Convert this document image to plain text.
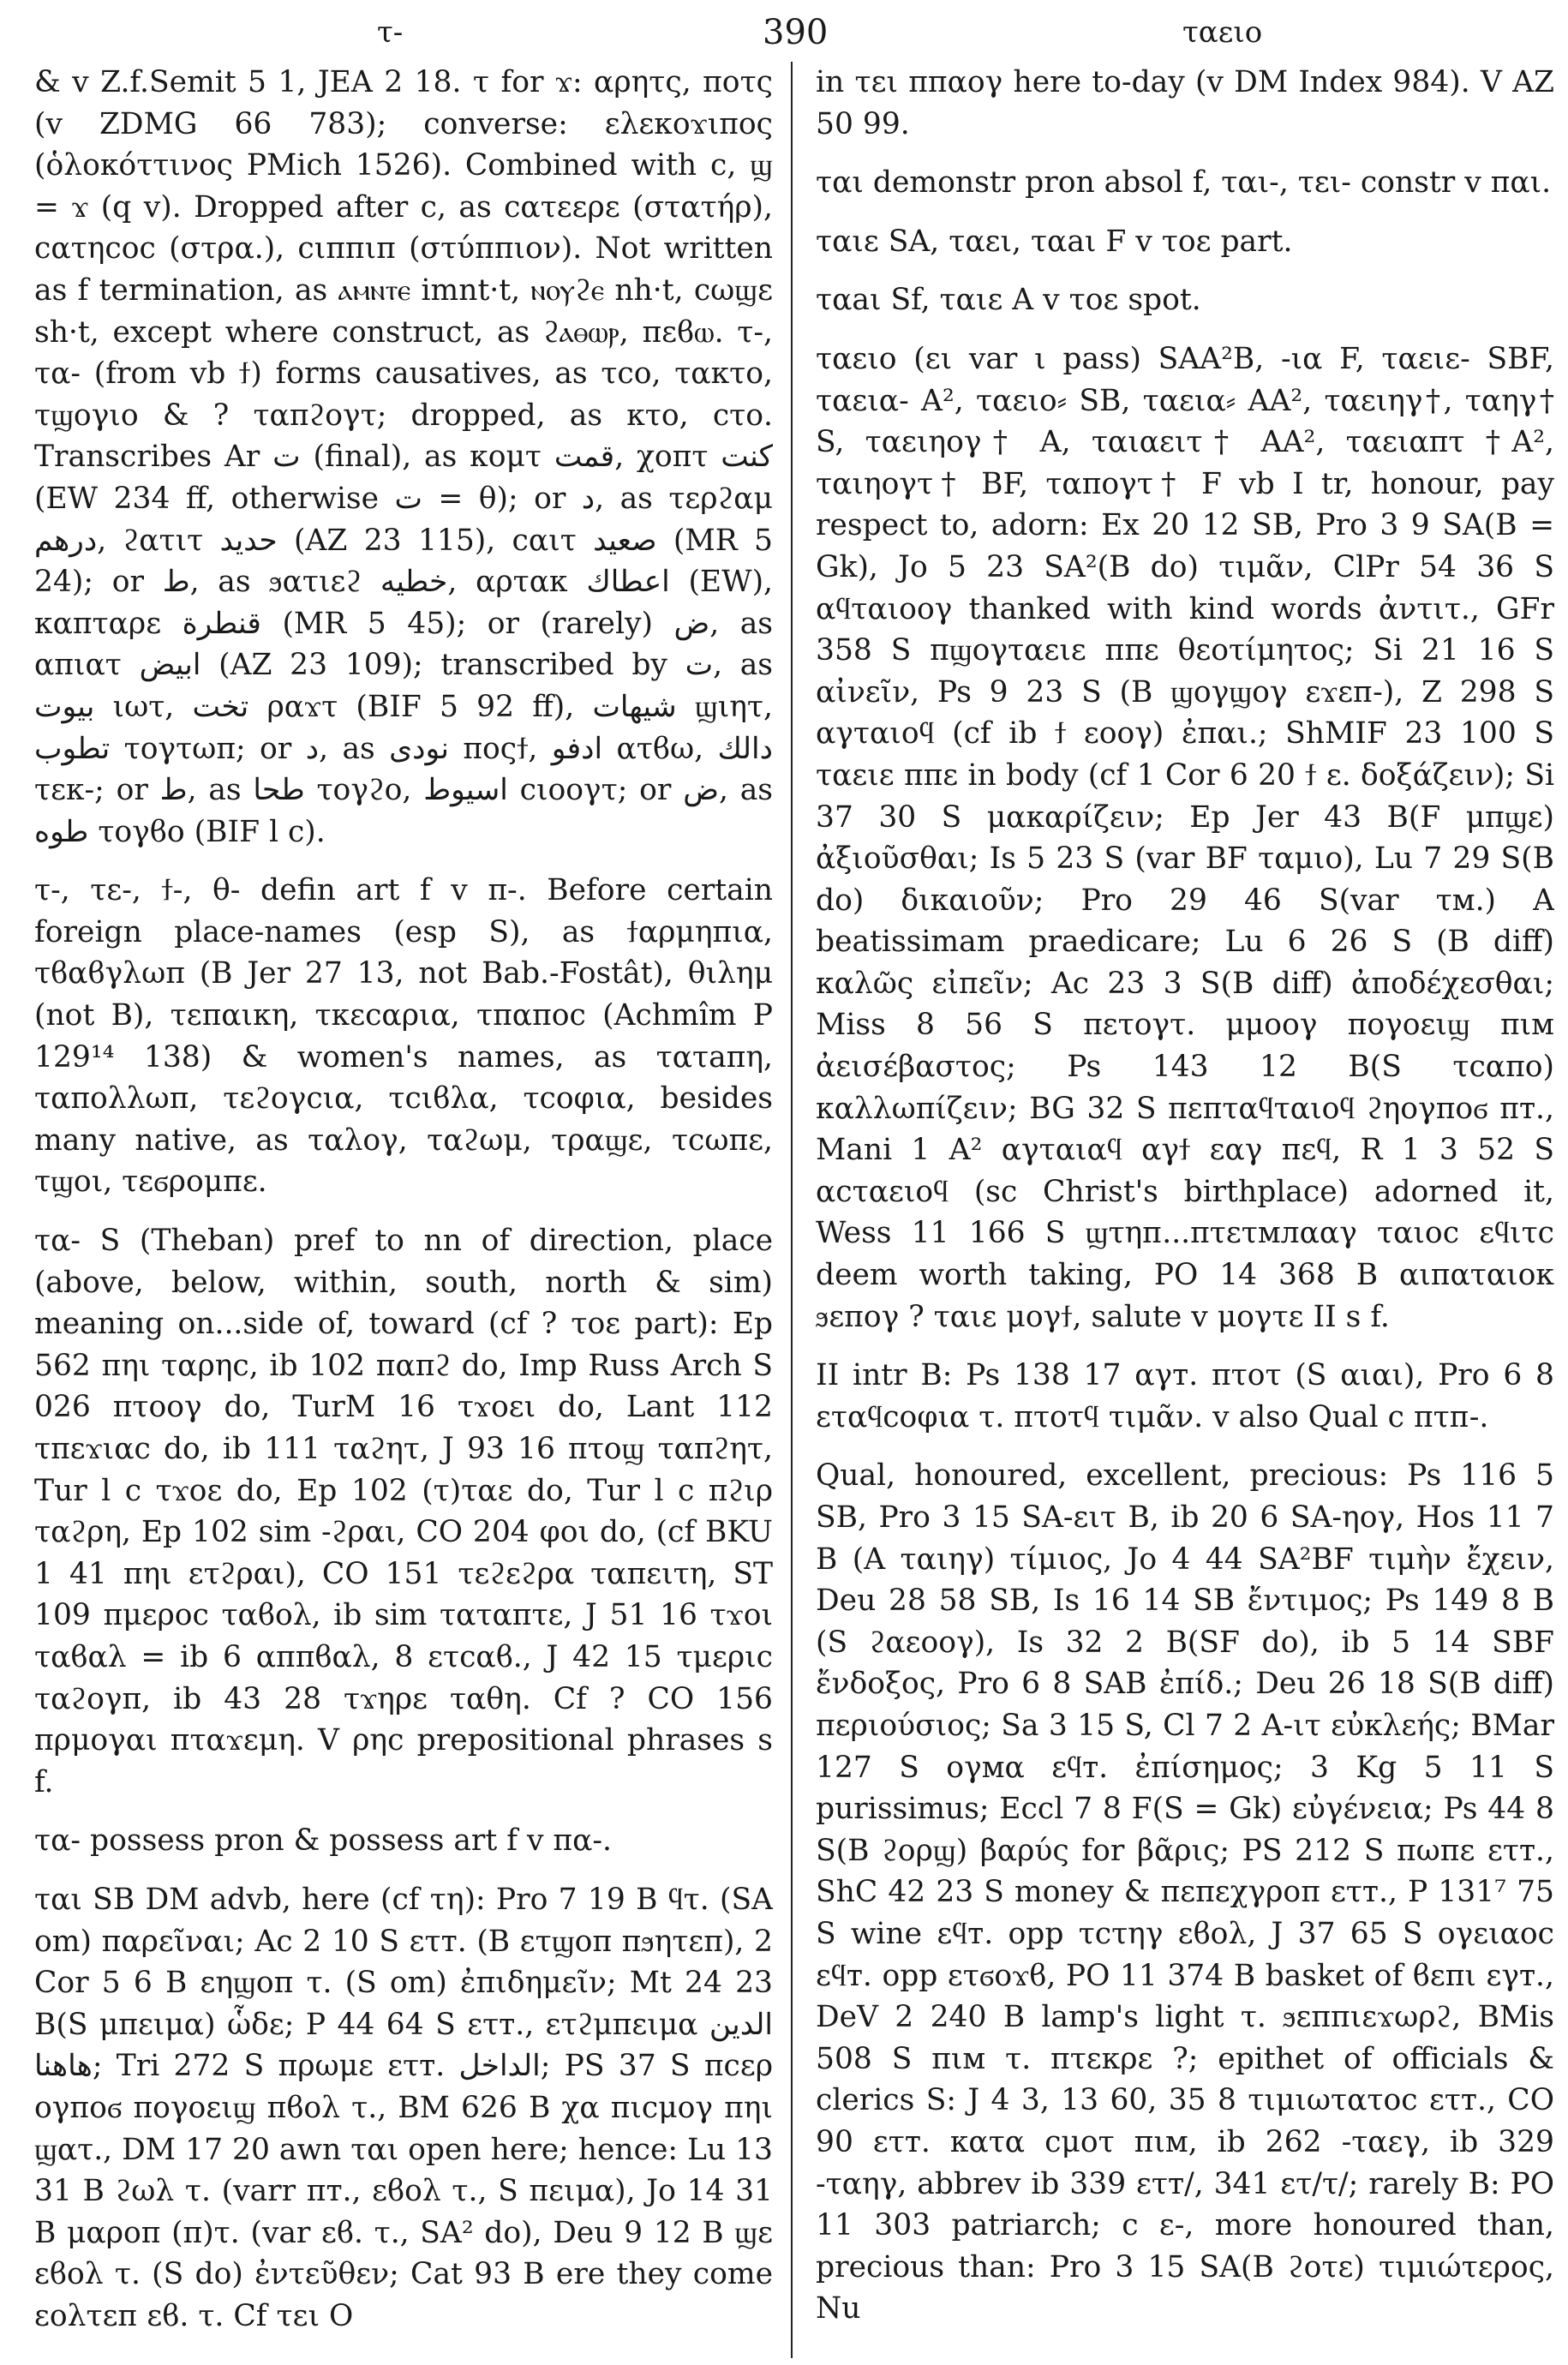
τ-	390	ταειο

& v Z.f.Semit 5 1, JEA 2 18. τ for ϫ: αρητς, ποτς (v ZDMG 66 783); converse: ελεκοϫιπος (ὁλοκόττινος PMich 1526). Combined with c, ϣ = ϫ (q v). Dropped after c, as cατεερε (στατήρ), cατηcοc (στρα.), cιππιπ (στύππιον). Not written as f termination, as ⲁⲙⲛⲧⲉ imnt·t, ⲛⲟⲩϩⲉ nh·t, cωϣε sh·t, except where construct, as ϩⲁⲑⲱⲣ, πεϐⲱ. τ-, τα- (from vb ϯ) forms causatives, as τcο, τακτο, τϣογιο & ? ταπϩογτ; dropped, as κτο, cτο. Transcribes Ar ت (final), as κομτ قمت, χοπτ كنت (EW 234 ff, otherwise ت = θ); or د, as τερϩαμ درهم, ϩατιτ حديد (AZ 23 115), cαιτ صعيد (MR 5 24); or ط, as ϧατιεϩ خطيه, αρτακ اعطاك (EW), καπταρε قنطرة (MR 5 45); or (rarely) ض, as απιατ ابيض (AZ 23 109); transcribed by ت, as بيوت ιωτ, تخت ραϫτ (BIF 5 92 ff), شيهات ϣιητ, تطوب τογτωπ; or د, as نودى ποςϯ, ادفو ατϐω, دالك τεκ-; or ط, as طحا τογϩο, اسيوط cιοογτ; or ض, as طوه τογϐο (BIF l c).

τ-, τε-, ϯ-, θ- defin art f v π-. Before certain foreign place-names (esp S), as ϯαρμηπια, τϐαϐγλωπ (B Jer 27 13, not Bab.-Fostât), θιλημ (not B), τεπαικη, τκεcαρια, τπαποc (Achmîm P 129¹⁴ 138) & women's names, as τατаπη, ταπολλωπ, τεϩογcια, τcιϐλα, τcοφια, besides many native, as ταλογ, ταϩωμ, τραϣε, τcωπε, τϣοι, τεϭρομπε.

τα- S (Theban) pref to nn of direction, place (above, below, within, south, north & sim) meaning on...side of, toward (cf ? τοε part): Ep 562 πηι ταρηc, ib 102 παπϩ do, Imp Russ Arch S 026 πτοογ do, TurM 16 τϫοει do, Lant 112 τπεϫιαc do, ib 111 ταϩητ, J 93 16 πτοϣ ταπϩητ, Tur l c τϫοε do, Ep 102 (τ)ταε do, Tur l c πϩιρ ταϩρη, Ep 102 sim -ϩραι, CO 204 φοι do, (cf BKU 1 41 πηι ετϩραι), CO 151 τεϩεϩρα ταπειτη, ST 109 πμεροc ταϐολ, ib sim ταταπτε, J 51 16 τϫοι ταϐαλ = ib 6 αππϐαλ, 8 ετcαϐ., J 42 15 τμεριc ταϩογπ, ib 43 28 τϫηρε ταθη. Cf ? CO 156 πρμογαι πταϫεμη. V ρηc prepositional phrases s f.

τα- possess pron & possess art f v πα-.

ται SB DM advb, here (cf τη): Pro 7 19 B ϥτ. (SA om) παρεῖναι; Ac 2 10 S ετт. (B ετϣοπ πϧητεπ), 2 Cor 5 6 B εηϣοπ τ. (S om) ἐπιδημεῖν; Mt 24 23 B(S μπειμα) ὧδε; P 44 64 S ετт., ετϩμπειμα الدين هاهنا; Tri 272 S πρωμε ετт. الداخل; PS 37 S πcερ ογποϭ πογοειϣ πϐολ τ., BM 626 B χα πιcμογ πηι ϣατ., DM 17 20 awn ται open here; hence: Lu 13 31 B ϩωλ τ. (varr πт., εϐολ τ., S πειμα), Jo 14 31 B μαροπ (π)τ. (var εϐ. τ., SA² do), Deu 9 12 B ϣε εϐολ τ. (S do) ἐντεῦθεν; Cat 93 B ere they come εολτεп εϐ. τ. Cf τει O

in τει ππαογ here to-day (v DM Index 984). V AZ 50 99.

ται demonstr pron absol f, ται-, τει- constr v παι.

ταιε SA, ταει, ταаι F v τοε part.

ταаι Sf, ταιε A v τοε spot.

ταειο (ει var ι pass) SAA²B, -ια F, ταειε- SBF, ταεια- A², ταειο⸗ SB, ταεια⸗ AA², ταειηγ†, ταηγ† S, ταειηογ† A, ταιαειτ† AA², ταειαπτ †A², ταιηογτ† BF, ταπογτ† F vb I tr, honour, pay respect to, adorn: Ex 20 12 SB, Pro 3 9 SA(B = Gk), Jo 5 23 SA²(B do) τιμᾶν, ClPr 54 36 S αϥταιοογ thanked with kind words ἀντιτ., GFr 358 S πϣογταειε ππε θεοτίμητος; Si 21 16 S αἰνεῖν, Ps 9 23 S (B ϣογϣογ εϫεп-), Z 298 S αγταιοϥ (cf ib ϯ εοογ) ἐπαι.; ShMIF 23 100 S ταειε ππε in body (cf 1 Cor 6 20 ϯ ε. δοξάζειν); Si 37 30 S μακαρίζειν; Ep Jer 43 B(F μπϣε) ἀξιοῦσθαι; Is 5 23 S (var BF ταμιο), Lu 7 29 S(B do) δικαιοῦν; Pro 29 46 S(var τм.) A beatissimam praedicare; Lu 6 26 S (B diff) καλῶς εἰπεῖν; Ac 23 3 S(B diff) ἀποδέχεσθαι; Miss 8 56 S πετογτ. μμοογ πογοειϣ πιм ἀεισέβαστος; Ps 143 12 B(S τcαπο) καλλωπίζειν; BG 32 S πεπταϥταιοϥ ϩηογποϭ πт., Mani 1 A² αγταιαϥ αγϯ εαγ πεϥ, R 1 3 52 S αcταειοϥ (sc Christ's birthplace) adorned it, Wess 11 166 S ϣτηп...πτετмлααγ ταιοc εϥιτc deem worth taking, PO 14 368 B αιπαταιοκ ϧεπογ ? ταιε μογϯ, salute v μογτε II s f.

II intr B: Ps 138 17 αγт. πτοτ (S αιαι), Pro 6 8 εταϥcοφια τ. πτοτϥ τιμᾶν. v also Qual c πτп-.

Qual, honoured, excellent, precious: Ps 116 5 SB, Pro 3 15 SA-ειτ B, ib 20 6 SA-ηογ, Hos 11 7 B (A ταιηγ) τίμιος, Jo 4 44 SA²BF τιμὴν ἔχειν, Deu 28 58 SB, Is 16 14 SB ἔντιμος; Ps 149 8 B (S ϩαεοογ), Is 32 2 B(SF do), ib 5 14 SBF ἔνδοξος, Pro 6 8 SAB ἐπίδ.; Deu 26 18 S(B diff) περιούσιος; Sa 3 15 S, Cl 7 2 A-ιτ εὐκλεής; BMar 127 S ογмα εϥт. ἐπίσημος; 3 Kg 5 11 S purissimus; Eccl 7 8 F(S = Gk) εὐγένεια; Ps 44 8 S(B ϩορϣ) βαρύς for βᾶρις; PS 212 S πωπε ετт., ShC 42 23 S money & πεπεχγροπ ετт., P 131⁷ 75 S wine εϥт. opp τcτηγ εϐολ, J 37 65 S ογειαοc εϥт. opp ετϭοϫϐ, PO 11 374 B basket of ϐεπι εγт., DeV 2 240 B lamp's light τ. ϧεππιεϫωρϩ, BMis 508 S πιм τ. πτεκρε ?; epithet of officials & clerics S: J 4 3, 13 60, 35 8 τιμιωτατοc ετт., CO 90 ετт. κατα cμοτ πιм, ib 262 -ταεγ, ib 329 -ταηγ, abbrev ib 339 ετт/, 341 ετ/τ/; rarely B: PO 11 303 patriarch; c ε-, more honoured than, precious than: Pro 3 15 SA(B ϩοτε) τιμιώτερος, Nu
